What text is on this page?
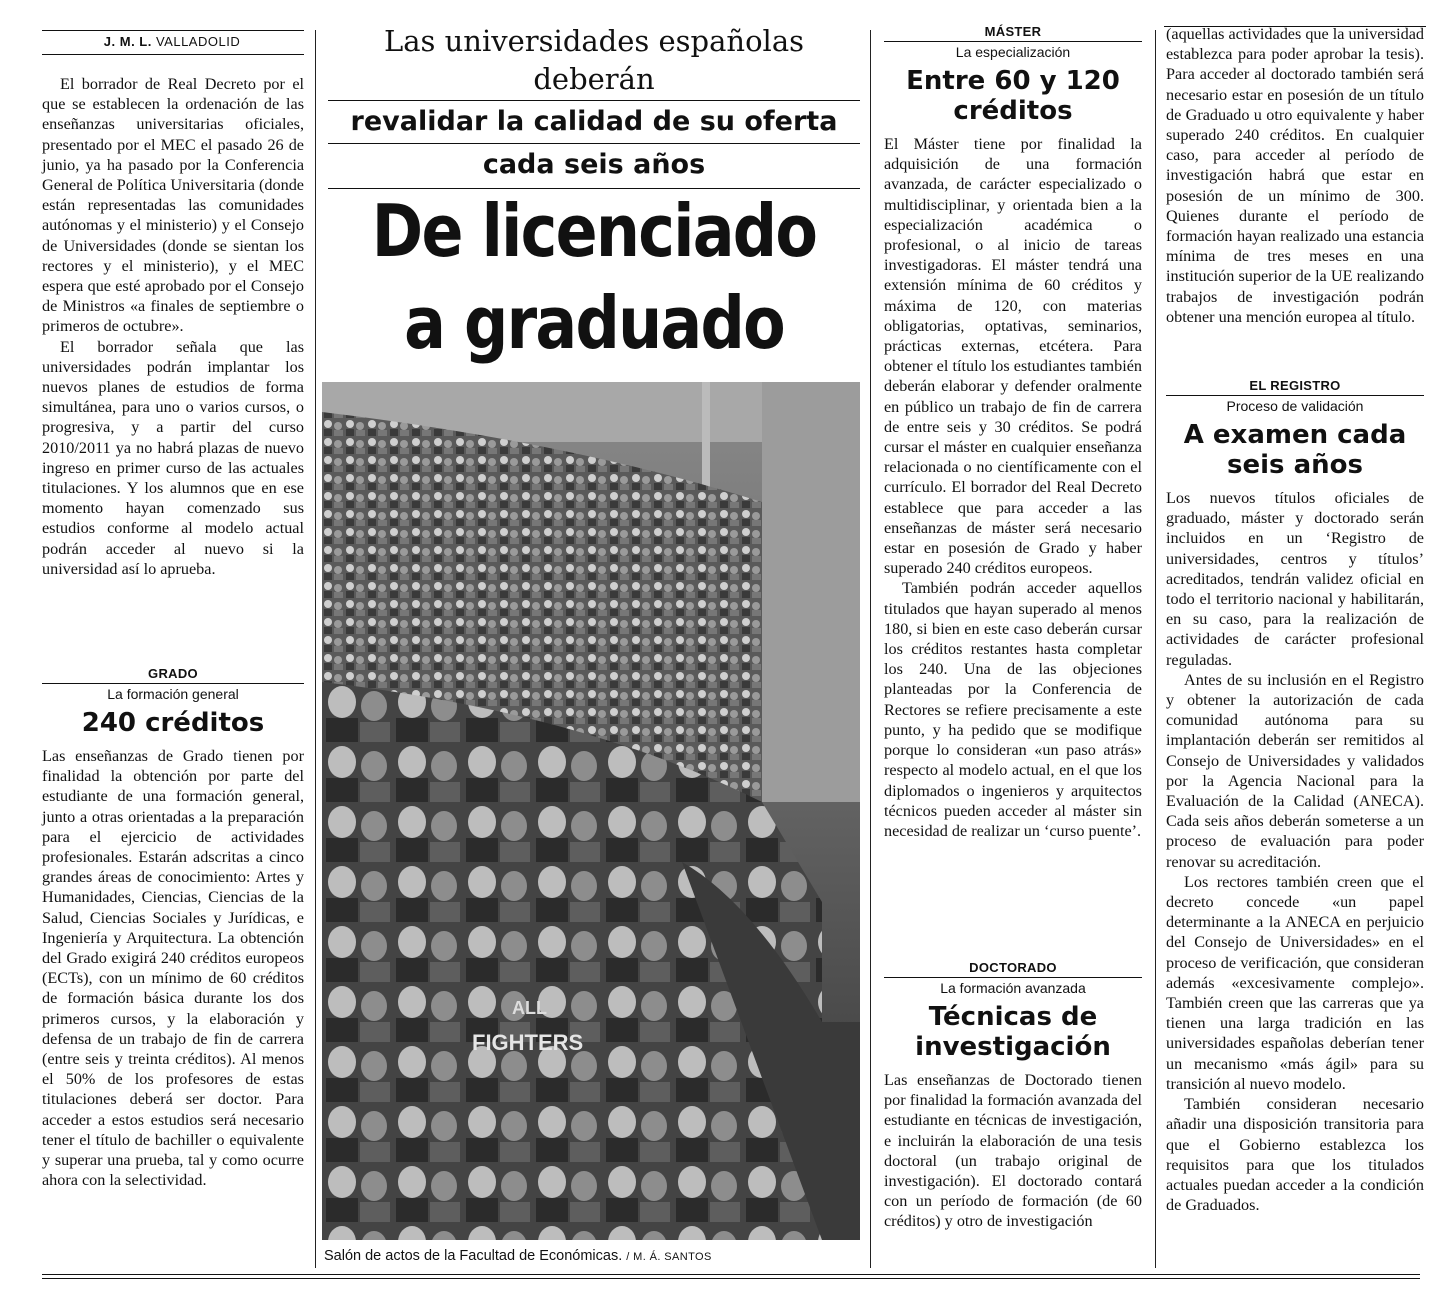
J. M. L. VALLADOLID

El borrador de Real Decreto por el que se establecen la ordenación de las enseñanzas universitarias oficiales, presentado por el MEC el pasado 26 de junio, ya ha pasado por la Conferencia General de Política Universitaria (donde están representadas las comunidades autónomas y el ministerio) y el Consejo de Universidades (donde se sientan los rectores y el ministerio), y el MEC espera que esté aprobado por el Consejo de Ministros «a finales de septiembre o primeros de octubre».

El borrador señala que las universidades podrán implantar los nuevos planes de estudios de forma simultánea, para uno o varios cursos, o progresiva, y a partir del curso 2010/2011 ya no habrá plazas de nuevo ingreso en primer curso de las actuales titulaciones. Y los alumnos que en ese momento hayan comenzado sus estudios conforme al modelo actual podrán acceder al nuevo si la universidad así lo aprueba.

GRADO
La formación general
240 créditos

Las enseñanzas de Grado tienen por finalidad la obtención por parte del estudiante de una formación general, junto a otras orientadas a la preparación para el ejercicio de actividades profesionales. Estarán adscritas a cinco grandes áreas de conocimiento: Artes y Humanidades, Ciencias, Ciencias de la Salud, Ciencias Sociales y Jurídicas, e Ingeniería y Arquitectura. La obtención del Grado exigirá 240 créditos europeos (ECTs), con un mínimo de 60 créditos de formación básica durante los dos primeros cursos, y la elaboración y defensa de un trabajo de fin de carrera (entre seis y treinta créditos). Al menos el 50% de los profesores de estas titulaciones deberá ser doctor. Para acceder a estos estudios será necesario tener el título de bachiller o equivalente y superar una prueba, tal y como ocurre ahora con la selectividad.

Las universidades españolas deberán
revalidar la calidad de su oferta
cada seis años
De licenciado
a graduado
ALL
FIGHTERS
Salón de actos de la Facultad de Económicas. / M. Á. SANTOS
MÁSTER
La especialización
Entre 60 y 120
créditos

El Máster tiene por finalidad la adquisición de una formación avanzada, de carácter especializado o multidisciplinar, y orientada bien a la especialización académica o profesional, o al inicio de tareas investigadoras. El máster tendrá una extensión mínima de 60 créditos y máxima de 120, con materias obligatorias, optativas, seminarios, prácticas externas, etcétera. Para obtener el título los estudiantes también deberán elaborar y defender oralmente en público un trabajo de fin de carrera de entre seis y 30 créditos. Se podrá cursar el máster en cualquier enseñanza relacionada o no científicamente con el currículo. El borrador del Real Decreto establece que para acceder a las enseñanzas de máster será necesario estar en posesión de Grado y haber superado 240 créditos europeos.

También podrán acceder aquellos titulados que hayan superado al menos 180, si bien en este caso deberán cursar los créditos restantes hasta completar los 240. Una de las objeciones planteadas por la Conferencia de Rectores se refiere precisamente a este punto, y ha pedido que se modifique porque lo consideran «un paso atrás» respecto al modelo actual, en el que los diplomados o ingenieros y arquitectos técnicos pueden acceder al máster sin necesidad de realizar un ‘curso puente’.

DOCTORADO
La formación avanzada
Técnicas de
investigación

Las enseñanzas de Doctorado tienen por finalidad la formación avanzada del estudiante en técnicas de investigación, e incluirán la elaboración de una tesis doctoral (un trabajo original de investigación). El doctorado contará con un período de formación (de 60 créditos) y otro de investigación

(aquellas actividades que la universidad establezca para poder aprobar la tesis). Para acceder al doctorado también será necesario estar en posesión de un título de Graduado u otro equivalente y haber superado 240 créditos. En cualquier caso, para acceder al período de investigación habrá que estar en posesión de un mínimo de 300. Quienes durante el período de formación hayan realizado una estancia mínima de tres meses en una institución superior de la UE realizando trabajos de investigación podrán obtener una mención europea al título.

EL REGISTRO
Proceso de validación
A examen cada
seis años

Los nuevos títulos oficiales de graduado, máster y doctorado serán incluidos en un ‘Registro de universidades, centros y títulos’ acreditados, tendrán validez oficial en todo el territorio nacional y habilitarán, en su caso, para la realización de actividades de carácter profesional reguladas.

Antes de su inclusión en el Registro y obtener la autorización de cada comunidad autónoma para su implantación deberán ser remitidos al Consejo de Universidades y validados por la Agencia Nacional para la Evaluación de la Calidad (ANECA). Cada seis años deberán someterse a un proceso de evaluación para poder renovar su acreditación.

Los rectores también creen que el decreto concede «un papel determinante a la ANECA en perjuicio del Consejo de Universidades» en el proceso de verificación, que consideran además «excesivamente complejo». También creen que las carreras que ya tienen una larga tradición en las universidades españolas deberían tener un mecanismo «más ágil» para su transición al nuevo modelo.

También consideran necesario añadir una disposición transitoria para que el Gobierno establezca los requisitos para que los titulados actuales puedan acceder a la condición de Graduados.
